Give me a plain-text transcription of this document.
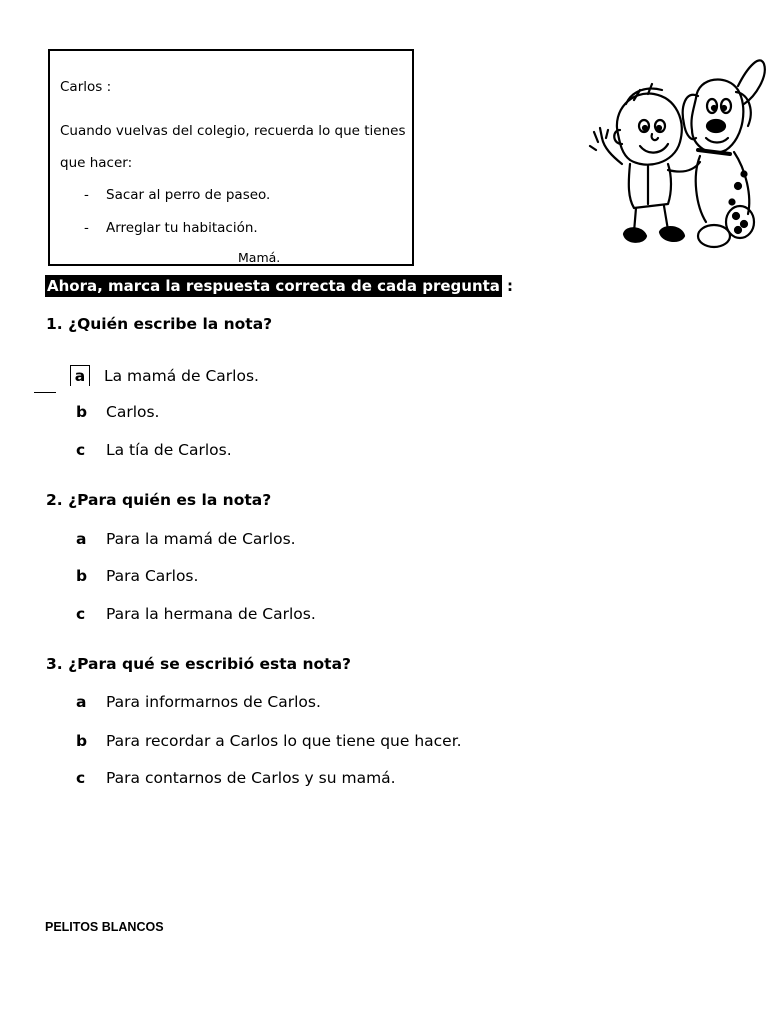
Carlos :
Cuando vuelvas del colegio, recuerda lo que tienes
que hacer:
- Sacar al perro de paseo.
- Arreglar tu habitación.
Mamá.
Ahora, marca la respuesta correcta de cada pregunta :
1. ¿Quién escribe la nota?
a La mamá de Carlos.
b Carlos.
c La tía de Carlos.
2. ¿Para quién es la nota?
a Para la mamá de Carlos.
b Para Carlos.
c Para la hermana de Carlos.
3. ¿Para qué se escribió esta nota?
a Para informarnos de Carlos.
b Para recordar a Carlos lo que tiene que hacer.
c Para contarnos de Carlos y su mamá.
PELITOS BLANCOS
